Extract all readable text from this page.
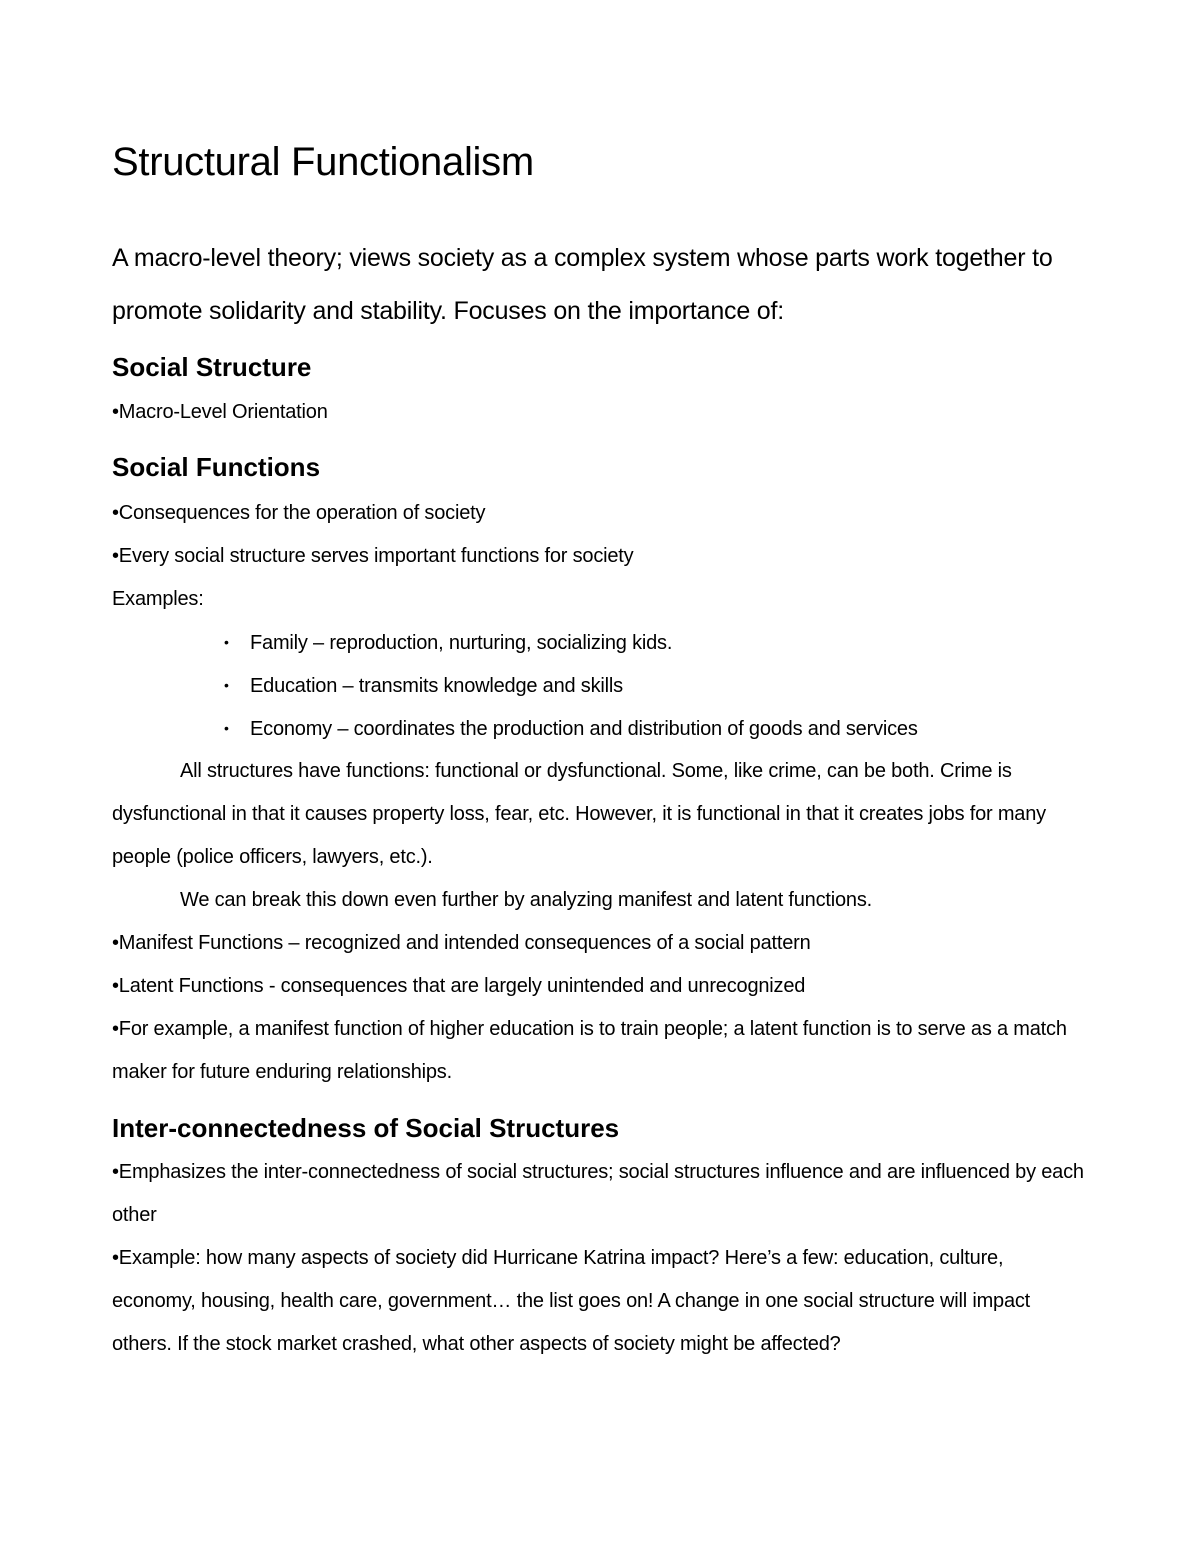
Structural Functionalism

A macro-level theory; views society as a complex system whose parts work together to promote solidarity and stability. Focuses on the importance of:

Social Structure

•Macro-Level Orientation

Social Functions

•Consequences for the operation of society

•Every social structure serves important functions for society

Examples:

• Family – reproduction, nurturing, socializing kids.

• Education – transmits knowledge and skills

• Economy – coordinates the production and distribution of goods and services

All structures have functions: functional or dysfunctional. Some, like crime, can be both. Crime is dysfunctional in that it causes property loss, fear, etc. However, it is functional in that it creates jobs for many people (police officers, lawyers, etc.).

We can break this down even further by analyzing manifest and latent functions.

•Manifest Functions – recognized and intended consequences of a social pattern

•Latent Functions - consequences that are largely unintended and unrecognized

•For example, a manifest function of higher education is to train people; a latent function is to serve as a match maker for future enduring relationships.

Inter-connectedness of Social Structures

•Emphasizes the inter-connectedness of social structures; social structures influence and are influenced by each other

•Example: how many aspects of society did Hurricane Katrina impact? Here’s a few: education, culture, economy, housing, health care, government… the list goes on! A change in one social structure will impact others. If the stock market crashed, what other aspects of society might be affected?
